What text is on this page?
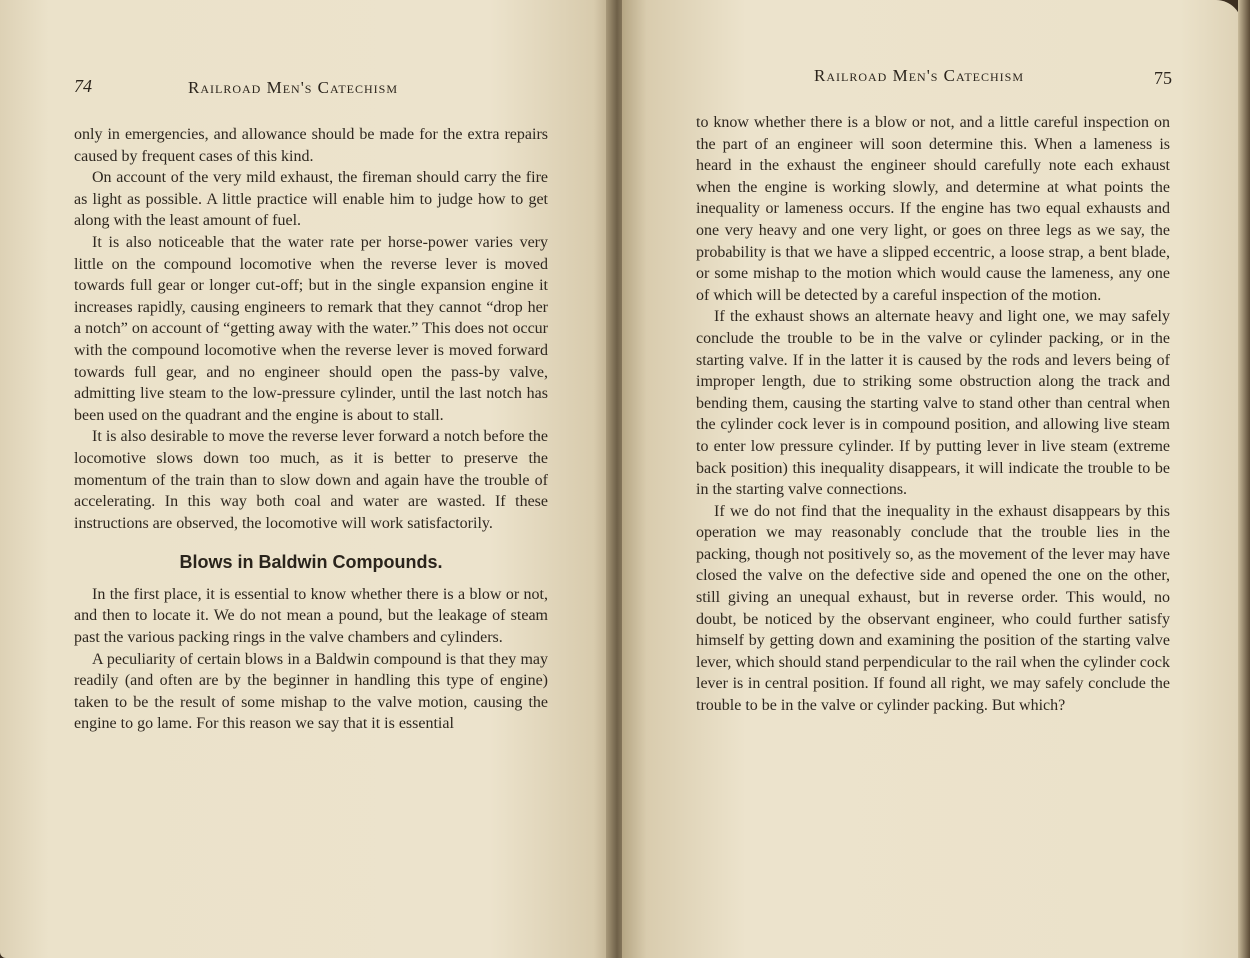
74	Railroad Men's Catechism

only in emergencies, and allowance should be made for the extra repairs caused by frequent cases of this kind.

On account of the very mild exhaust, the fireman should carry the fire as light as possible. A little practice will enable him to judge how to get along with the least amount of fuel.

It is also noticeable that the water rate per horse-power varies very little on the compound locomotive when the reverse lever is moved towards full gear or longer cut-off; but in the single expansion engine it increases rapidly, causing engineers to remark that they cannot “drop her a notch” on account of “getting away with the water.” This does not occur with the compound locomotive when the reverse lever is moved forward towards full gear, and no engineer should open the pass-by valve, admitting live steam to the low-pressure cylinder, until the last notch has been used on the quadrant and the engine is about to stall.

It is also desirable to move the reverse lever forward a notch before the locomotive slows down too much, as it is better to preserve the momentum of the train than to slow down and again have the trouble of accelerating. In this way both coal and water are wasted. If these instructions are observed, the locomotive will work satisfactorily.

Blows in Baldwin Compounds.

In the first place, it is essential to know whether there is a blow or not, and then to locate it. We do not mean a pound, but the leakage of steam past the various packing rings in the valve chambers and cylinders.

A peculiarity of certain blows in a Baldwin compound is that they may readily (and often are by the beginner in handling this type of engine) taken to be the result of some mishap to the valve motion, causing the engine to go lame. For this reason we say that it is essential

Railroad Men's Catechism	75

to know whether there is a blow or not, and a little careful inspection on the part of an engineer will soon determine this. When a lameness is heard in the exhaust the engineer should carefully note each exhaust when the engine is working slowly, and determine at what points the inequality or lameness occurs. If the engine has two equal exhausts and one very heavy and one very light, or goes on three legs as we say, the probability is that we have a slipped eccentric, a loose strap, a bent blade, or some mishap to the motion which would cause the lameness, any one of which will be detected by a careful inspection of the motion.

If the exhaust shows an alternate heavy and light one, we may safely conclude the trouble to be in the valve or cylinder packing, or in the starting valve. If in the latter it is caused by the rods and levers being of improper length, due to striking some obstruction along the track and bending them, causing the starting valve to stand other than central when the cylinder cock lever is in compound position, and allowing live steam to enter low pressure cylinder. If by putting lever in live steam (extreme back position) this inequality disappears, it will indicate the trouble to be in the starting valve connections.

If we do not find that the inequality in the exhaust disappears by this operation we may reasonably conclude that the trouble lies in the packing, though not positively so, as the movement of the lever may have closed the valve on the defective side and opened the one on the other, still giving an unequal exhaust, but in reverse order. This would, no doubt, be noticed by the observant engineer, who could further satisfy himself by getting down and examining the position of the starting valve lever, which should stand perpendicular to the rail when the cylinder cock lever is in central position. If found all right, we may safely conclude the trouble to be in the valve or cylinder packing. But which?
